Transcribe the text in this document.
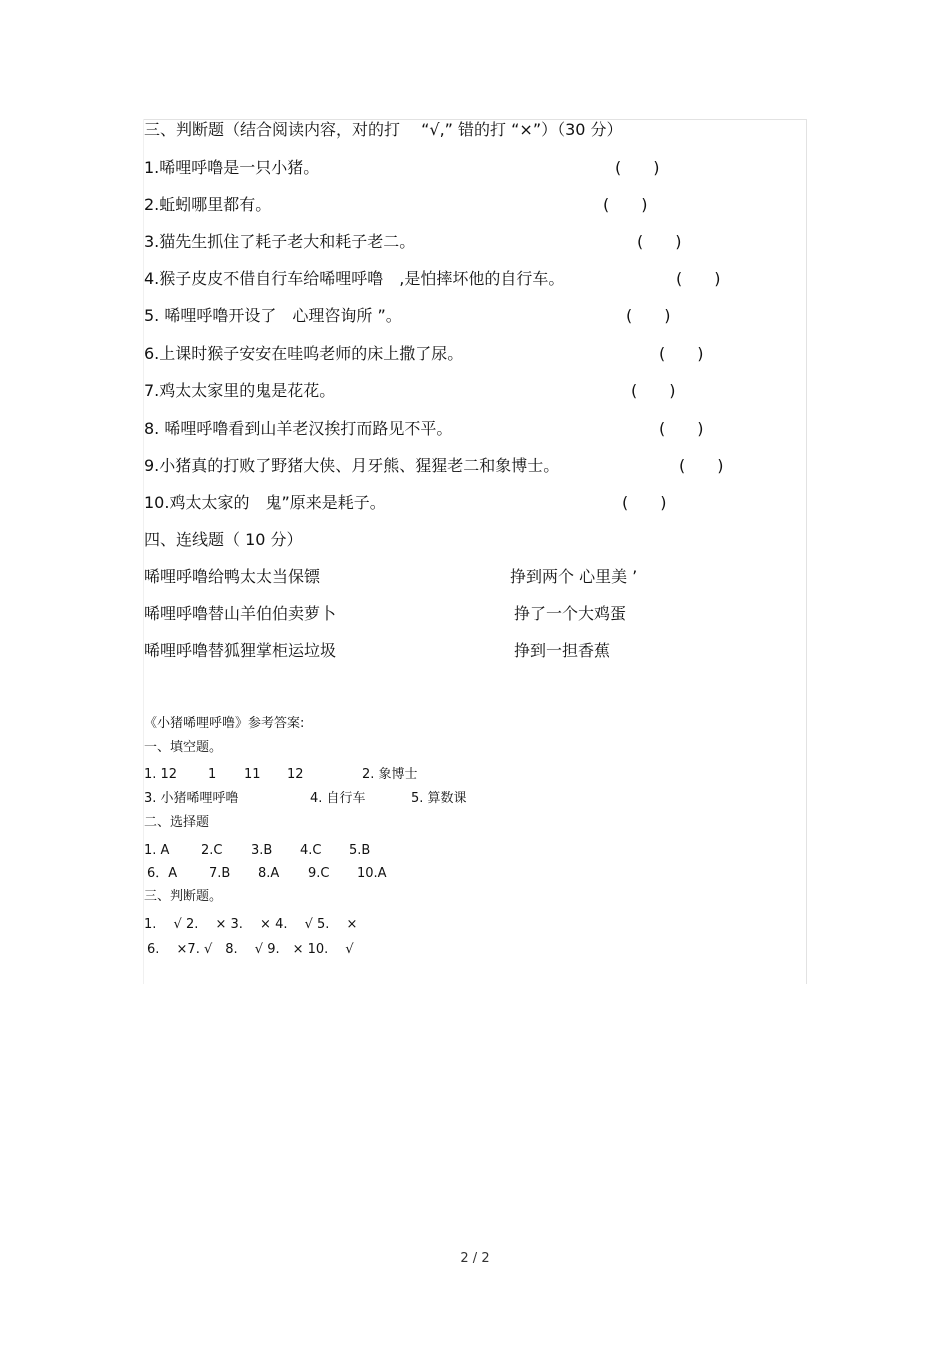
三、判断题（结合阅读内容，对的打　 “√,” 错的打 “×”）（30 分）
1.唏哩呼噜是一只小猪。	(　　)
2.蚯蚓哪里都有。	(　　)
3.猫先生抓住了耗子老大和耗子老二。	(　　)
4.猴子皮皮不借自行车给唏哩呼噜　,是怕摔坏他的自行车。	(　　)
5. 唏哩呼噜开设了　心理咨询所 ”。	(　　)
6.上课时猴子安安在哇呜老师的床上撒了尿。	(　　)
7.鸡太太家里的鬼是花花。	(　　)
8. 唏哩呼噜看到山羊老汉挨打而路见不平。	(　　)
9.小猪真的打败了野猪大侠、月牙熊、猩猩老二和象博士。	(　　)
10.鸡太太家的　鬼”原来是耗子。	(　　)
四、连线题（ 10 分）
唏哩呼噜给鸭太太当保镖	挣到两个 心里美 ’
唏哩呼噜替山羊伯伯卖萝卜	挣了一个大鸡蛋
唏哩呼噜替狐狸掌柜运垃圾	挣到一担香蕉
《小猪唏哩呼噜》参考答案:
一、填空题。
1. 12 1 11 12	2. 象博士
3. 小猪唏哩呼噜	4. 自行车	5. 算数课
二、选择题
1. A 2.C 3.B 4.C 5.B
6．A 7.B 8.A 9.C 10.A
三、判断题。
1.　 √ 2.　 × 3.　 × 4.　 √ 5.　 ×
6.　 ×7. √　8.　 √ 9.　× 10.　 √
2 / 2
